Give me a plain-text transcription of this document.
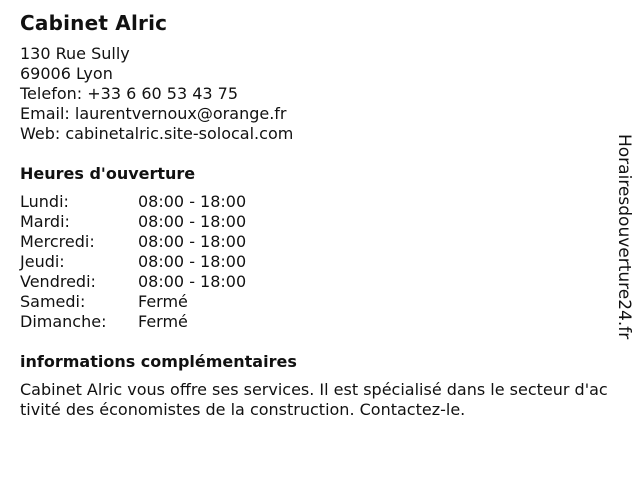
Cabinet Alric
130 Rue Sully
69006 Lyon
Telefon: +33 6 60 53 43 75
Email: laurentvernoux@orange.fr
Web: cabinetalric.site-solocal.com
Heures d'ouverture
Lundi:	08:00 - 18:00
Mardi:	08:00 - 18:00
Mercredi:	08:00 - 18:00
Jeudi:	08:00 - 18:00
Vendredi:	08:00 - 18:00
Samedi:	Fermé
Dimanche:	Fermé
informations complémentaires
Cabinet Alric vous offre ses services. Il est spécialisé dans le secteur d'activité des économistes de la construction. Contactez-le.
Horairesdouverture24.fr
